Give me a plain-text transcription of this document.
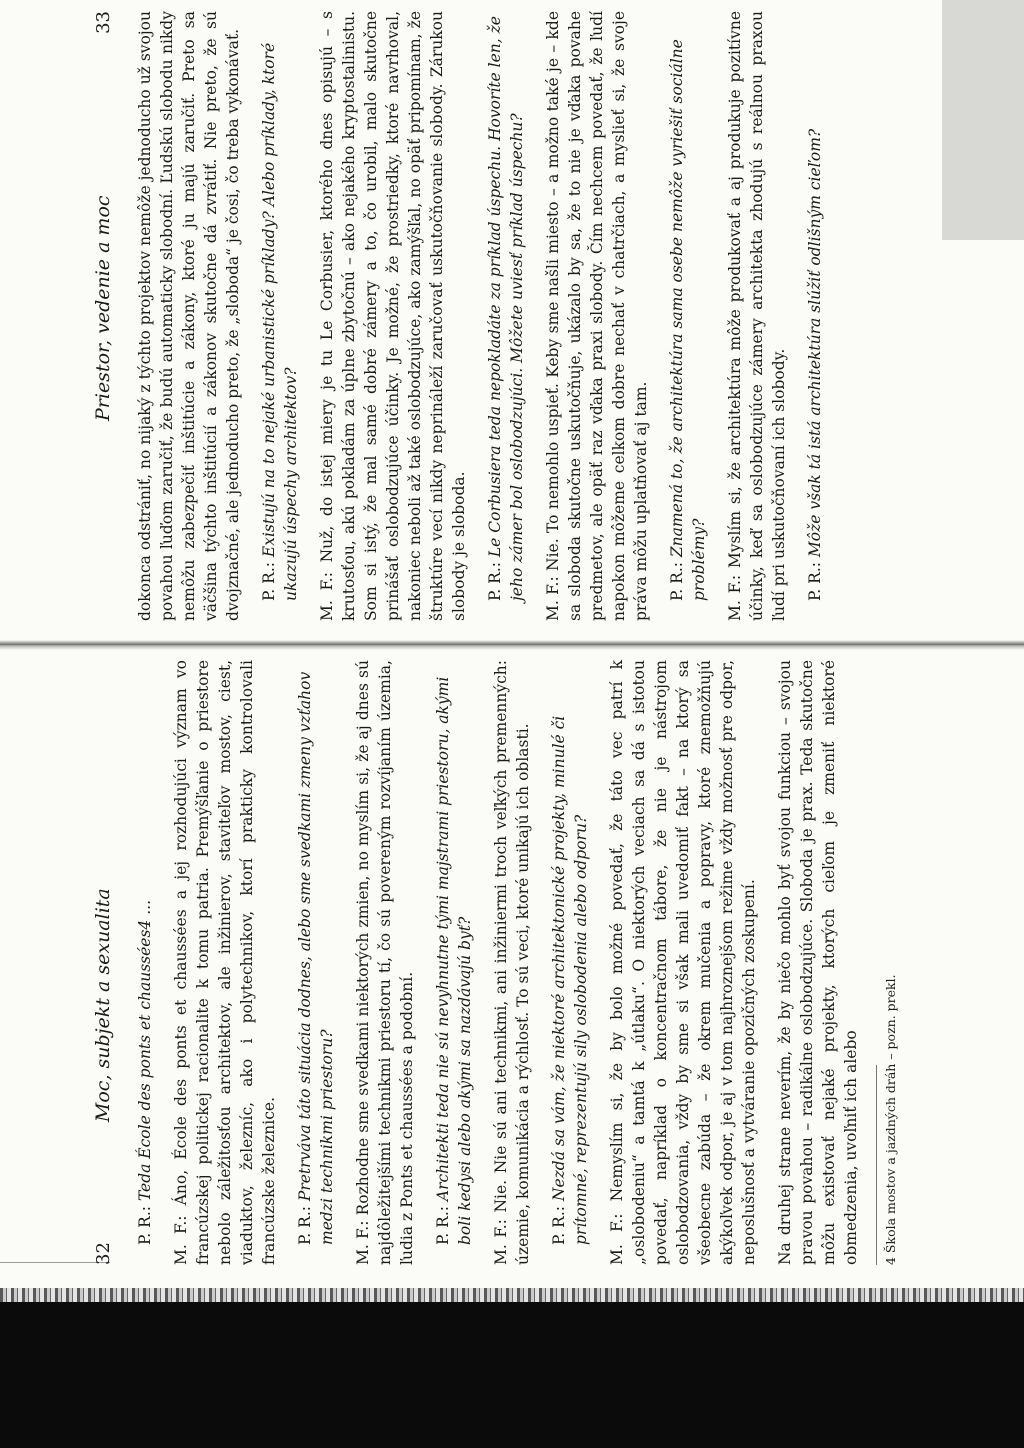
32
Moc, subjekt a sexualita

P. R.: Teda École des ponts et chaussées4 ... M. F.: Áno, École des ponts et chaussées a jej rozhodujúci význam vo francúzskej politickej racionalite k tomu patria. Premýšľanie o priestore nebolo záležitosťou architektov, ale inžinierov, staviteľov mostov, ciest, viaduktov, železníc, ako i polytechnikov, ktorí prakticky kontrolovali francúzske železnice. P. R.: Pretrváva táto situácia dodnes, alebo sme svedkami zmeny vzťahov medzi technikmi priestoru? M. F.: Rozhodne sme svedkami niektorých zmien, no myslím si, že aj dnes sú najdôležitejšími technikmi priestoru tí, čo sú povereným rozvíjaním územia, ľudia z Ponts et chaussées a podobní. P. R.: Architekti teda nie sú nevyhnutne tými majstrami priestoru, akými boli kedysi alebo akými sa nazdávajú byť? M. F.: Nie. Nie sú ani technikmi, ani inžiniermi troch veľkých premenných: územie, komunikácia a rýchlosť. To sú veci, ktoré unikajú ich oblasti. P. R.: Nezdá sa vám, že niektoré architektonické projekty, minulé či prítomné, reprezentujú sily oslobodenia alebo odporu? M. F.: Nemyslím si, že by bolo možné povedať, že táto vec patrí k „oslobodeniu“ a tamtá k „útlaku“. O niektorých veciach sa dá s istotou povedať, napríklad o koncentračnom tábore, že nie je nástrojom oslobodzovania, vždy by sme si však mali uvedomiť fakt – na ktorý sa všeobecne zabúda – že okrem mučenia a popravy, ktoré znemožňujú akýkoľvek odpor, je aj v tom najhroznejšom režime vždy možnosť pre odpor, neposlušnosť a vytváranie opozičných zoskupení. Na druhej strane neverím, že by niečo mohlo byť svojou funkciou – svojou pravou povahou – radikálne oslobodzujúce. Sloboda je prax. Teda skutočne môžu existovať nejaké projekty, ktorých cieľom je zmeniť niektoré obmedzenia, uvoľniť ich alebo	4 Škola mostov a jazdných dráh – pozn. prekl.
Priestor, vedenie a moc
33 dokonca odstrániť, no nijaký z týchto projektov nemôže jednoducho už svojou povahou ľuďom zaručiť, že budú automaticky slobodní. Ľudskú slobodu nikdy nemôžu zabezpečiť inštitúcie a zákony, ktoré ju majú zaručiť. Preto sa väčšina týchto inštitúcií a zákonov skutočne dá zvrátiť. Nie preto, že sú dvojznačné, ale jednoducho preto, že „sloboda“ je čosi, čo treba vykonávať. P. R.: Existujú na to nejaké urbanistické príklady? Alebo príklady, ktoré ukazujú úspechy architektov? M. F.: Nuž, do istej miery je tu Le Corbusier, ktorého dnes opisujú – s krutosťou, akú pokladám za úplne zbytočnú – ako nejakého kryptostalinistu. Som si istý, že mal samé dobré zámery a to, čo urobil, malo skutočne prinášať oslobodzujúce účinky. Je možné, že prostriedky, ktoré navrhoval, nakoniec neboli až také oslobodzujúce, ako zamýšľal, no opäť pripomínam, že štruktúre vecí nikdy neprináleží zaručovať uskutočňovanie slobody. Zárukou slobody je sloboda. P. R.: Le Corbusiera teda nepokladáte za príklad úspechu. Hovoríte len, že jeho zámer bol oslobodzujúci. Môžete uviesť príklad úspechu? M. F.: Nie. To nemohlo uspieť. Keby sme našli miesto – a možno také je – kde sa sloboda skutočne uskutočňuje, ukázalo by sa, že to nie je vďaka povahe predmetov, ale opäť raz vďaka praxi slobody. Čím nechcem povedať, že ľudí napokon môžeme celkom dobre nechať v chatrčiach, a myslieť si, že svoje práva môžu uplatňovať aj tam. P. R.: Znamená to, že architektúra sama osebe nemôže vyriešiť sociálne problémy? M. F.: Myslím si, že architektúra môže produkovať a aj produkuje pozitívne účinky, keď sa oslobodzujúce zámery architekta zhodujú s reálnou praxou ľudí pri uskutočňovaní ich slobody. P. R.: Môže však tá istá architektúra slúžiť odlišným cieľom?
